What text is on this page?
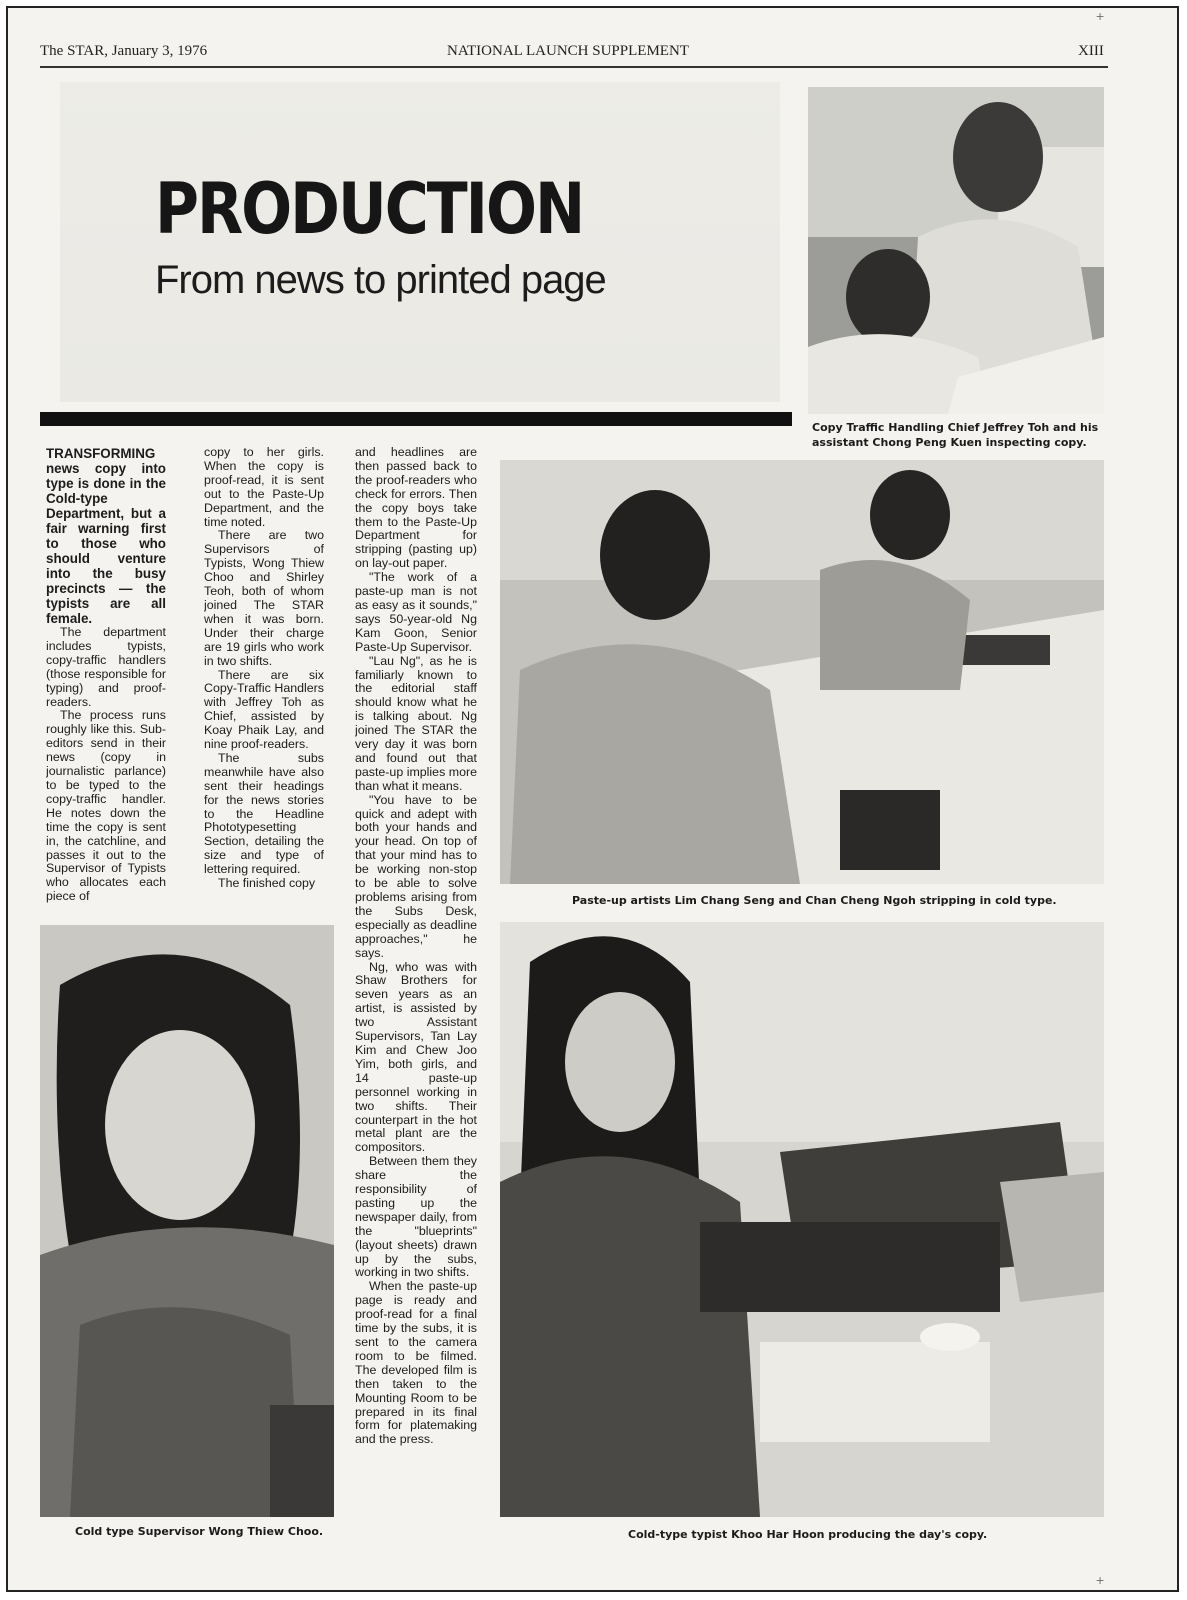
+
+
The STAR, January 3, 1976	NATIONAL LAUNCH SUPPLEMENT	XIII
PRODUCTION
From news to printed page
Copy Traffic Handling Chief Jeffrey Toh and his assistant Chong Peng Kuen inspecting copy.
Paste-up artists Lim Chang Seng and Chan Cheng Ngoh stripping in cold type.
Cold type Supervisor Wong Thiew Choo.	Cold-type typist Khoo Har Hoon producing the day's copy.

TRANSFORMING news copy into type is done in the Cold-type Department, but a fair warning first to those who should venture into the busy precincts — the typists are all female.

The department includes typists, copy-traffic handlers (those responsible for typing) and proof-readers.

The process runs roughly like this. Sub-editors send in their news (copy in journalistic parlance) to be typed to the copy-traffic handler. He notes down the time the copy is sent in, the catchline, and passes it out to the Supervisor of Typists who allocates each piece of

copy to her girls. When the copy is proof-read, it is sent out to the Paste-Up Department, and the time noted.

There are two Supervisors of Typists, Wong Thiew Choo and Shirley Teoh, both of whom joined The STAR when it was born. Under their charge are 19 girls who work in two shifts.

There are six Copy-Traffic Handlers with Jeffrey Toh as Chief, assisted by Koay Phaik Lay, and nine proof-readers.

The subs meanwhile have also sent their headings for the news stories to the Headline Phototypesetting Section, detailing the size and type of lettering required.

The finished copy

and headlines are then passed back to the proof-readers who check for errors. Then the copy boys take them to the Paste-Up Department for stripping (pasting up) on lay-out paper.

"The work of a paste-up man is not as easy as it sounds," says 50-year-old Ng Kam Goon, Senior Paste-Up Supervisor.

"Lau Ng", as he is familiarly known to the editorial staff should know what he is talking about. Ng joined The STAR the very day it was born and found out that paste-up implies more than what it means.

"You have to be quick and adept with both your hands and your head. On top of that your mind has to be working non-stop to be able to solve problems arising from the Subs Desk, especially as deadline approaches," he says.

Ng, who was with Shaw Brothers for seven years as an artist, is assisted by two Assistant Supervisors, Tan Lay Kim and Chew Joo Yim, both girls, and 14 paste-up personnel working in two shifts. Their counterpart in the hot metal plant are the compositors.

Between them they share the responsibility of pasting up the newspaper daily, from the "blueprints" (layout sheets) drawn up by the subs, working in two shifts.

When the paste-up page is ready and proof-read for a final time by the subs, it is sent to the camera room to be filmed. The developed film is then taken to the Mounting Room to be prepared in its final form for platemaking and the press.
